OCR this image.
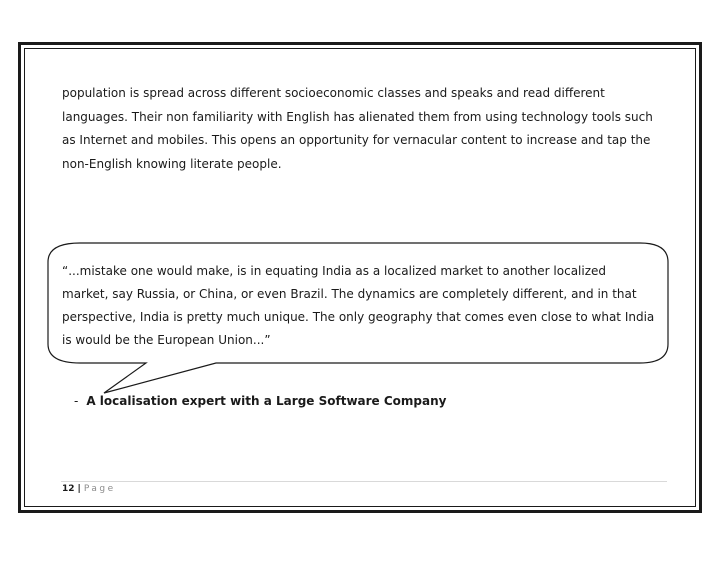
population is spread across different socioeconomic classes and speaks and read different
languages. Their non familiarity with English has alienated them from using technology tools such
as Internet and mobiles. This opens an opportunity for vernacular content to increase and tap the
non-English knowing literate people.
“...mistake one would make, is in equating India as a localized market to another localized
market, say Russia, or China, or even Brazil. The dynamics are completely different, and in that
perspective, India is pretty much unique. The only geography that comes even close to what India
is would be the European Union...”
- A localisation expert with a Large Software Company
12 | Page
